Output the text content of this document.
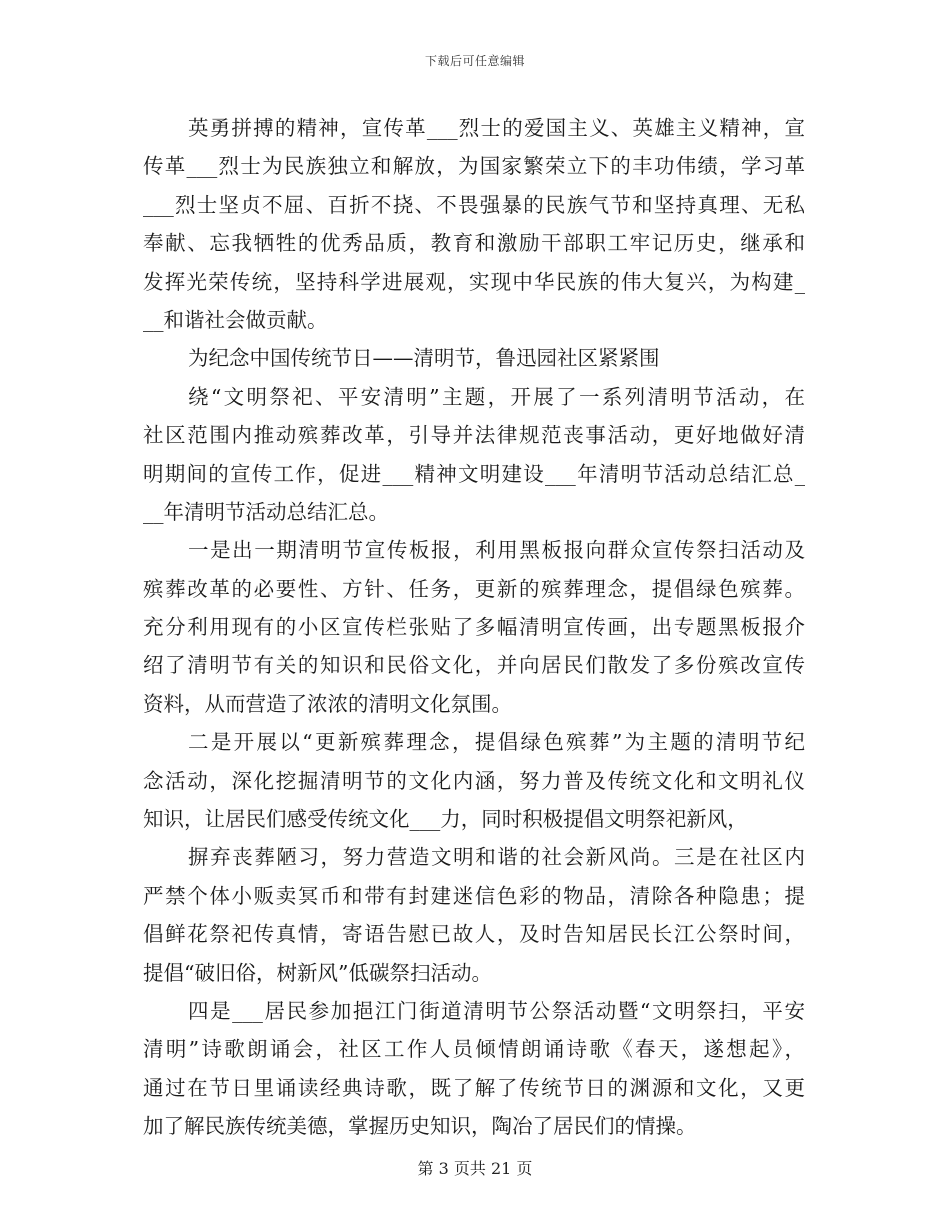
下载后可任意编辑
英勇拼搏的精神，宣传革___烈士的爱国主义、英雄主义精神，宣
传革___烈士为民族独立和解放，为国家繁荣立下的丰功伟绩，学习革
___烈士坚贞不屈、百折不挠、不畏强暴的民族气节和坚持真理、无私
奉献、忘我牺牲的优秀品质，教育和激励干部职工牢记历史，继承和
发挥光荣传统，坚持科学进展观，实现中华民族的伟大复兴，为构建_
__和谐社会做贡献。
为纪念中国传统节日——清明节，鲁迅园社区紧紧围
绕“文明祭祀、平安清明”主题，开展了一系列清明节活动，在
社区范围内推动殡葬改革，引导并法律规范丧事活动，更好地做好清
明期间的宣传工作，促进___精神文明建设___年清明节活动总结汇总_
__年清明节活动总结汇总。
一是出一期清明节宣传板报，利用黑板报向群众宣传祭扫活动及
殡葬改革的必要性、方针、任务，更新的殡葬理念，提倡绿色殡葬。
充分利用现有的小区宣传栏张贴了多幅清明宣传画，出专题黑板报介
绍了清明节有关的知识和民俗文化，并向居民们散发了多份殡改宣传
资料，从而营造了浓浓的清明文化氛围。
二是开展以“更新殡葬理念，提倡绿色殡葬”为主题的清明节纪
念活动，深化挖掘清明节的文化内涵，努力普及传统文化和文明礼仪
知识，让居民们感受传统文化___力，同时积极提倡文明祭祀新风，
摒弃丧葬陋习，努力营造文明和谐的社会新风尚。三是在社区内
严禁个体小贩卖冥币和带有封建迷信色彩的物品，清除各种隐患；提
倡鲜花祭祀传真情，寄语告慰已故人，及时告知居民长江公祭时间，
提倡“破旧俗，树新风”低碳祭扫活动。
四是___居民参加挹江门街道清明节公祭活动暨“文明祭扫，平安
清明”诗歌朗诵会，社区工作人员倾情朗诵诗歌《春天，遂想起》，
通过在节日里诵读经典诗歌，既了解了传统节日的渊源和文化，又更
加了解民族传统美德，掌握历史知识，陶冶了居民们的情操。
第 3 页共 21 页
